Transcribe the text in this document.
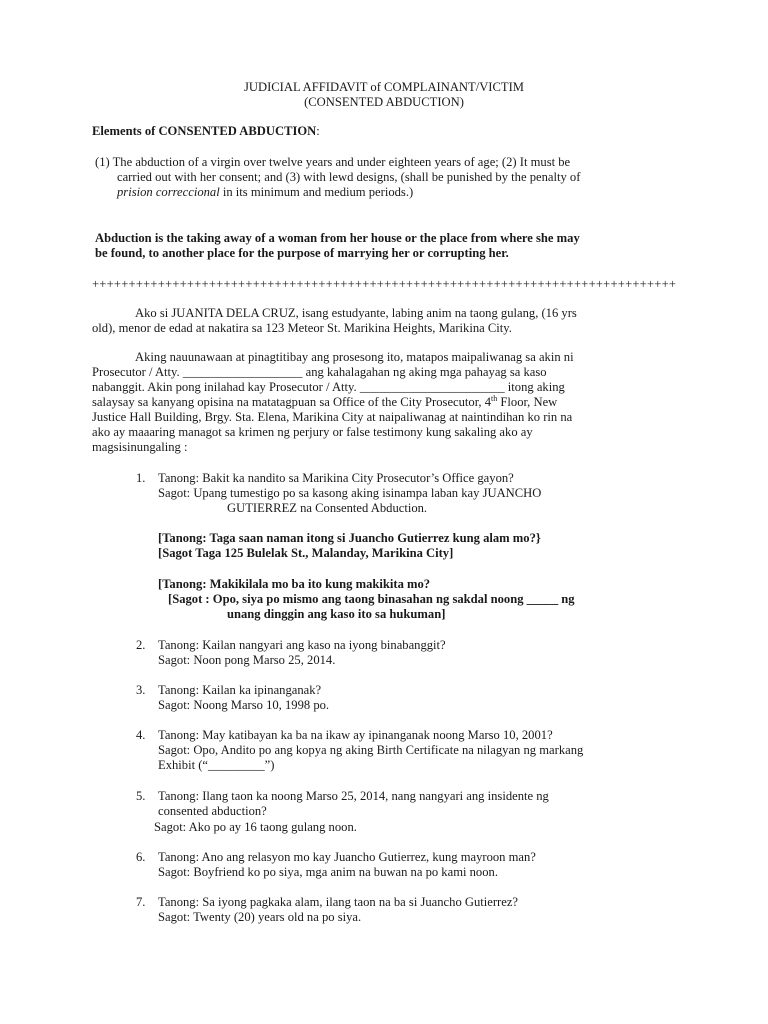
JUDICIAL AFFIDAVIT of COMPLAINANT/VICTIM
(CONSENTED ABDUCTION)
Elements of CONSENTED ABDUCTION:
(1) The abduction of a virgin over twelve years and under eighteen years of age; (2) It must be
carried out with her consent; and (3) with lewd designs, (shall be punished by the penalty of
prision correccional in its minimum and medium periods.)
Abduction is the taking away of a woman from her house or the place from where she may
be found, to another place for the purpose of marrying her or corrupting her.
++++++++++++++++++++++++++++++++++++++++++++++++++++++++++++++++++++++++++++++++
Ako si JUANITA DELA CRUZ, isang estudyante, labing anim na taong gulang, (16 yrs
old), menor de edad at nakatira sa 123 Meteor St. Marikina Heights, Marikina City.
Aking nauunawaan at pinagtitibay ang prosesong ito, matapos maipaliwanag sa akin ni
Prosecutor / Atty. ___________________ ang kahalagahan ng aking mga pahayag sa kaso
nabanggit. Akin pong inilahad kay Prosecutor / Atty. _______________________ itong aking
salaysay sa kanyang opisina na matatagpuan sa Office of the City Prosecutor, 4th Floor, New
Justice Hall Building, Brgy. Sta. Elena, Marikina City at naipaliwanag at naintindihan ko rin na
ako ay maaaring managot sa krimen ng perjury or false testimony kung sakaling ako ay
magsisinungaling :
1. Tanong: Bakit ka nandito sa Marikina City Prosecutor’s Office gayon?
Sagot: Upang tumestigo po sa kasong aking isinampa laban kay JUANCHO
GUTIERREZ na Consented Abduction.
[Tanong: Taga saan naman itong si Juancho Gutierrez kung alam mo?}
[Sagot Taga 125 Bulelak St., Malanday, Marikina City]
[Tanong: Makikilala mo ba ito kung makikita mo?
[Sagot : Opo, siya po mismo ang taong binasahan ng sakdal noong _____ ng
unang dinggin ang kaso ito sa hukuman]
2. Tanong: Kailan nangyari ang kaso na iyong binabanggit?
Sagot: Noon pong Marso 25, 2014.
3. Tanong: Kailan ka ipinanganak?
Sagot: Noong Marso 10, 1998 po.
4. Tanong: May katibayan ka ba na ikaw ay ipinanganak noong Marso 10, 2001?
Sagot: Opo, Andito po ang kopya ng aking Birth Certificate na nilagyan ng markang
Exhibit (“_________”)
5. Tanong: Ilang taon ka noong Marso 25, 2014, nang nangyari ang insidente ng
consented abduction?
Sagot: Ako po ay 16 taong gulang noon.
6. Tanong: Ano ang relasyon mo kay Juancho Gutierrez, kung mayroon man?
Sagot: Boyfriend ko po siya, mga anim na buwan na po kami noon.
7. Tanong: Sa iyong pagkaka alam, ilang taon na ba si Juancho Gutierrez?
Sagot: Twenty (20) years old na po siya.
